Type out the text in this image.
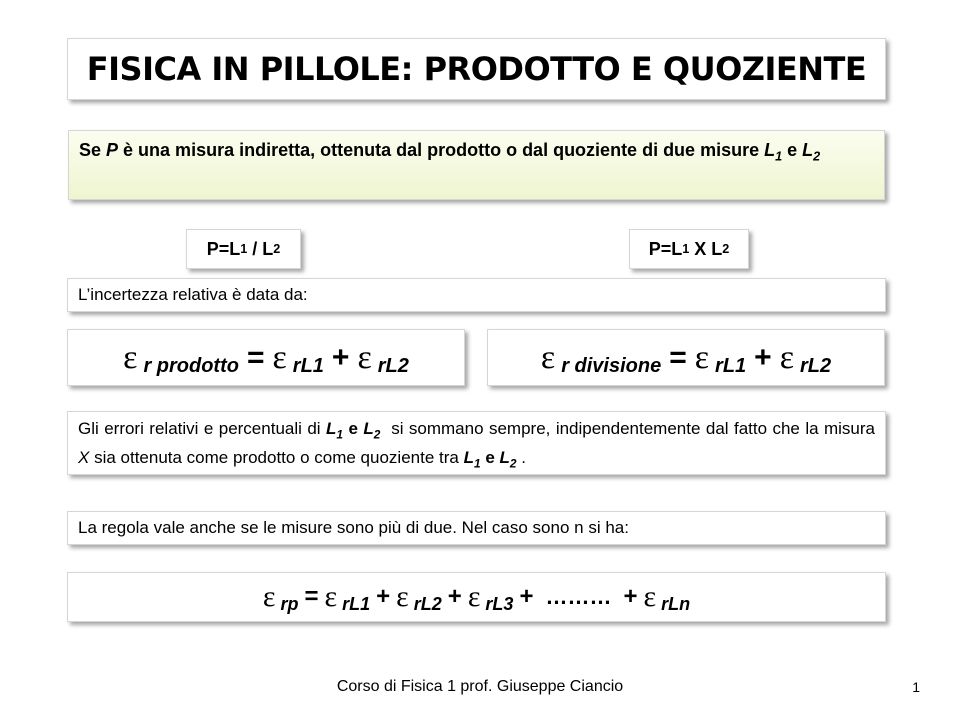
FISICA IN PILLOLE: PRODOTTO E QUOZIENTE
Se P è una misura indiretta, ottenuta dal prodotto o dal quoziente di due misure $L_1$ e $L_2$
P=L 1 / L 2	P=L 1 X L 2
L’incertezza relativa è data da:
ε r prodotto = ε rL1 + ε rL2	ε r divisione = ε rL1 + ε rL2
Gli errori relativi e percentuali di $L_1$ e $L_2$  si sommano sempre, indipendentemente dal fatto che la misura X sia ottenuta come prodotto o come quoziente tra $L_1$ e $L_2$ .
La regola vale anche se le misure sono più di due. Nel caso sono n si ha:
ε rp = ε rL1 + ε rL2 + ε rL3 + ……… + ε rLn
Corso di Fisica 1 prof. Giuseppe Ciancio	1
